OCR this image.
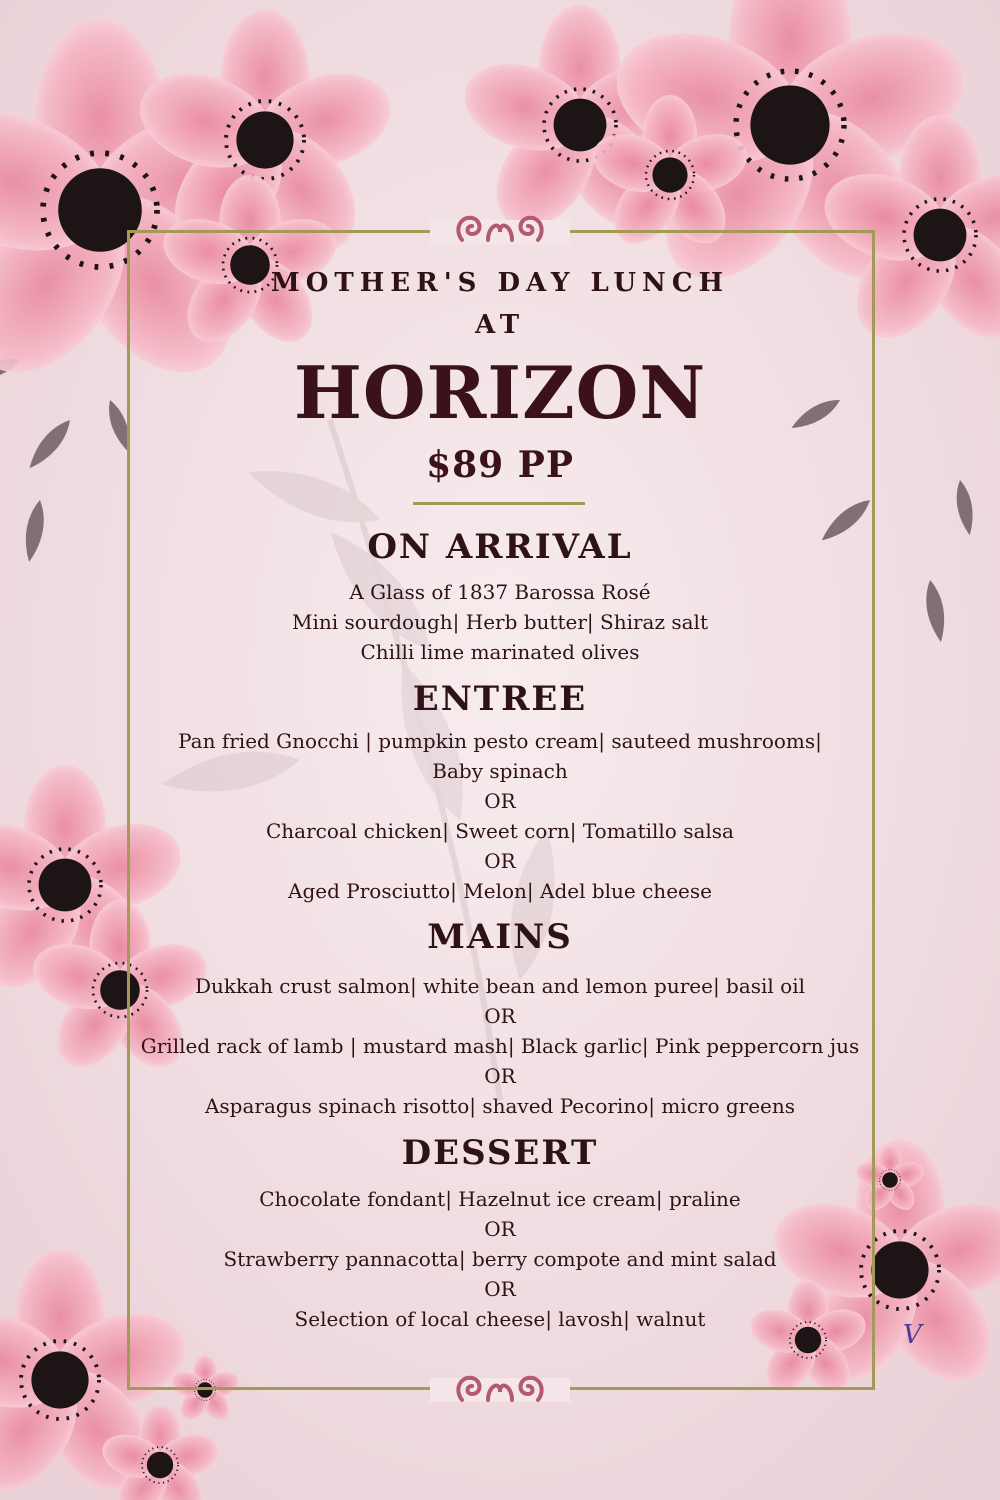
MOTHER'S DAY LUNCH
AT
HORIZON
$89 PP
ON ARRIVAL
A Glass of 1837 Barossa Rosé
Mini sourdough| Herb butter| Shiraz salt
Chilli lime marinated olives
ENTREE
Pan fried Gnocchi | pumpkin pesto cream| sauteed mushrooms|
Baby spinach
OR
Charcoal chicken| Sweet corn| Tomatillo salsa
OR
Aged Prosciutto| Melon| Adel blue cheese
MAINS
Dukkah crust salmon| white bean and lemon puree| basil oil
OR
Grilled rack of lamb | mustard mash| Black garlic| Pink peppercorn jus
OR
Asparagus spinach risotto| shaved Pecorino| micro greens
DESSERT
Chocolate fondant| Hazelnut ice cream| praline
OR
Strawberry pannacotta| berry compote and mint salad
OR
Selection of local cheese| lavosh| walnut
V
